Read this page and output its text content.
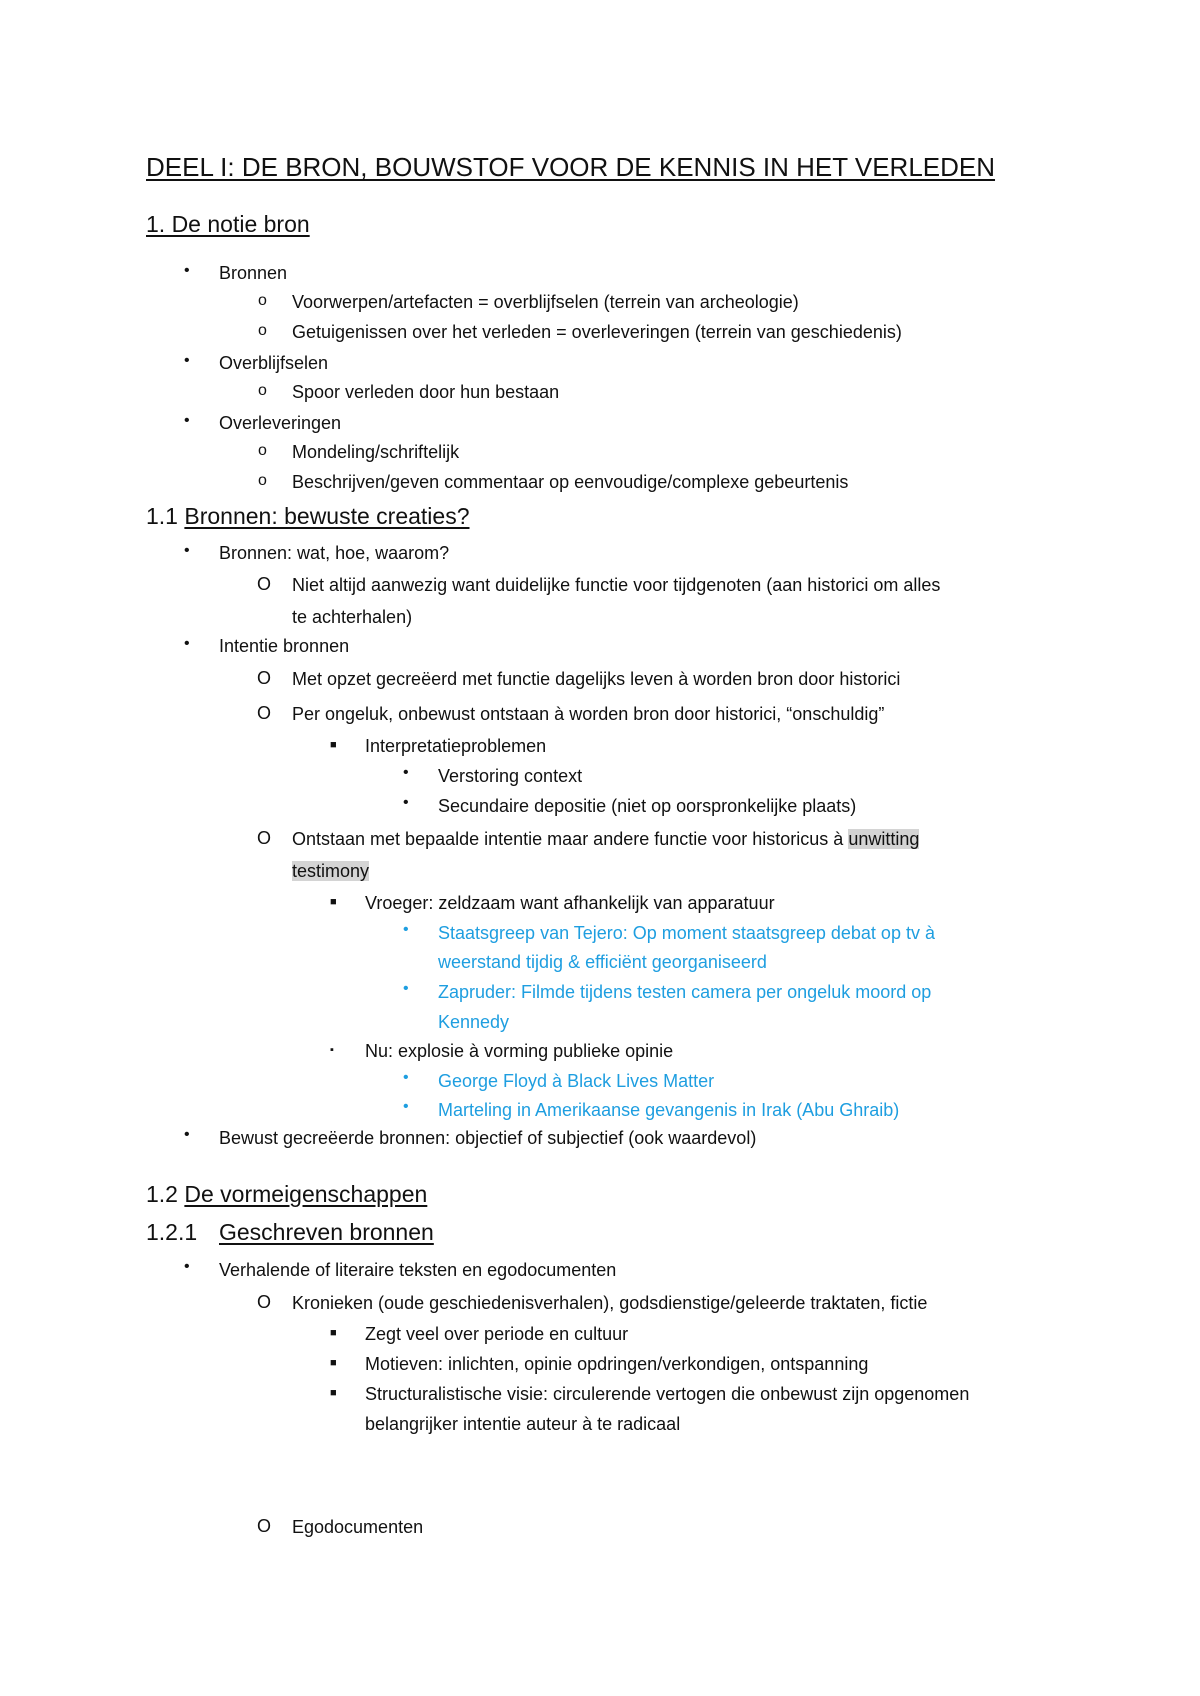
DEEL I: DE BRON, BOUWSTOF VOOR DE KENNIS IN HET VERLEDEN
1. De notie bron
• Bronnen
o Voorwerpen/artefacten = overblijfselen (terrein van archeologie)
o Getuigenissen over het verleden = overleveringen (terrein van geschiedenis)
• Overblijfselen
o Spoor verleden door hun bestaan
• Overleveringen
o Mondeling/schriftelijk
o Beschrijven/geven commentaar op eenvoudige/complexe gebeurtenis
1.1 Bronnen: bewuste creaties?
• Bronnen: wat, hoe, waarom?
O Niet altijd aanwezig want duidelijke functie voor tijdgenoten (aan historici om alles
te achterhalen)
• Intentie bronnen
O Met opzet gecreëerd met functie dagelijks leven à worden bron door historici
O Per ongeluk, onbewust ontstaan à worden bron door historici, “onschuldig”
■ Interpretatieproblemen
• Verstoring context
• Secundaire depositie (niet op oorspronkelijke plaats)
O Ontstaan met bepaalde intentie maar andere functie voor historicus à unwitting
testimony
■ Vroeger: zeldzaam want afhankelijk van apparatuur
• Staatsgreep van Tejero: Op moment staatsgreep debat op tv à
weerstand tijdig & efficiënt georganiseerd
• Zapruder: Filmde tijdens testen camera per ongeluk moord op
Kennedy
▪ Nu: explosie à vorming publieke opinie
• George Floyd à Black Lives Matter
• Marteling in Amerikaanse gevangenis in Irak (Abu Ghraib)
• Bewust gecreëerde bronnen: objectief of subjectief (ook waardevol)
1.2 De vormeigenschappen
1.2.1 Geschreven bronnen
• Verhalende of literaire teksten en egodocumenten
O Kronieken (oude geschiedenisverhalen), godsdienstige/geleerde traktaten, fictie
■ Zegt veel over periode en cultuur
■ Motieven: inlichten, opinie opdringen/verkondigen, ontspanning
■ Structuralistische visie: circulerende vertogen die onbewust zijn opgenomen
belangrijker intentie auteur à te radicaal
O Egodocumenten
